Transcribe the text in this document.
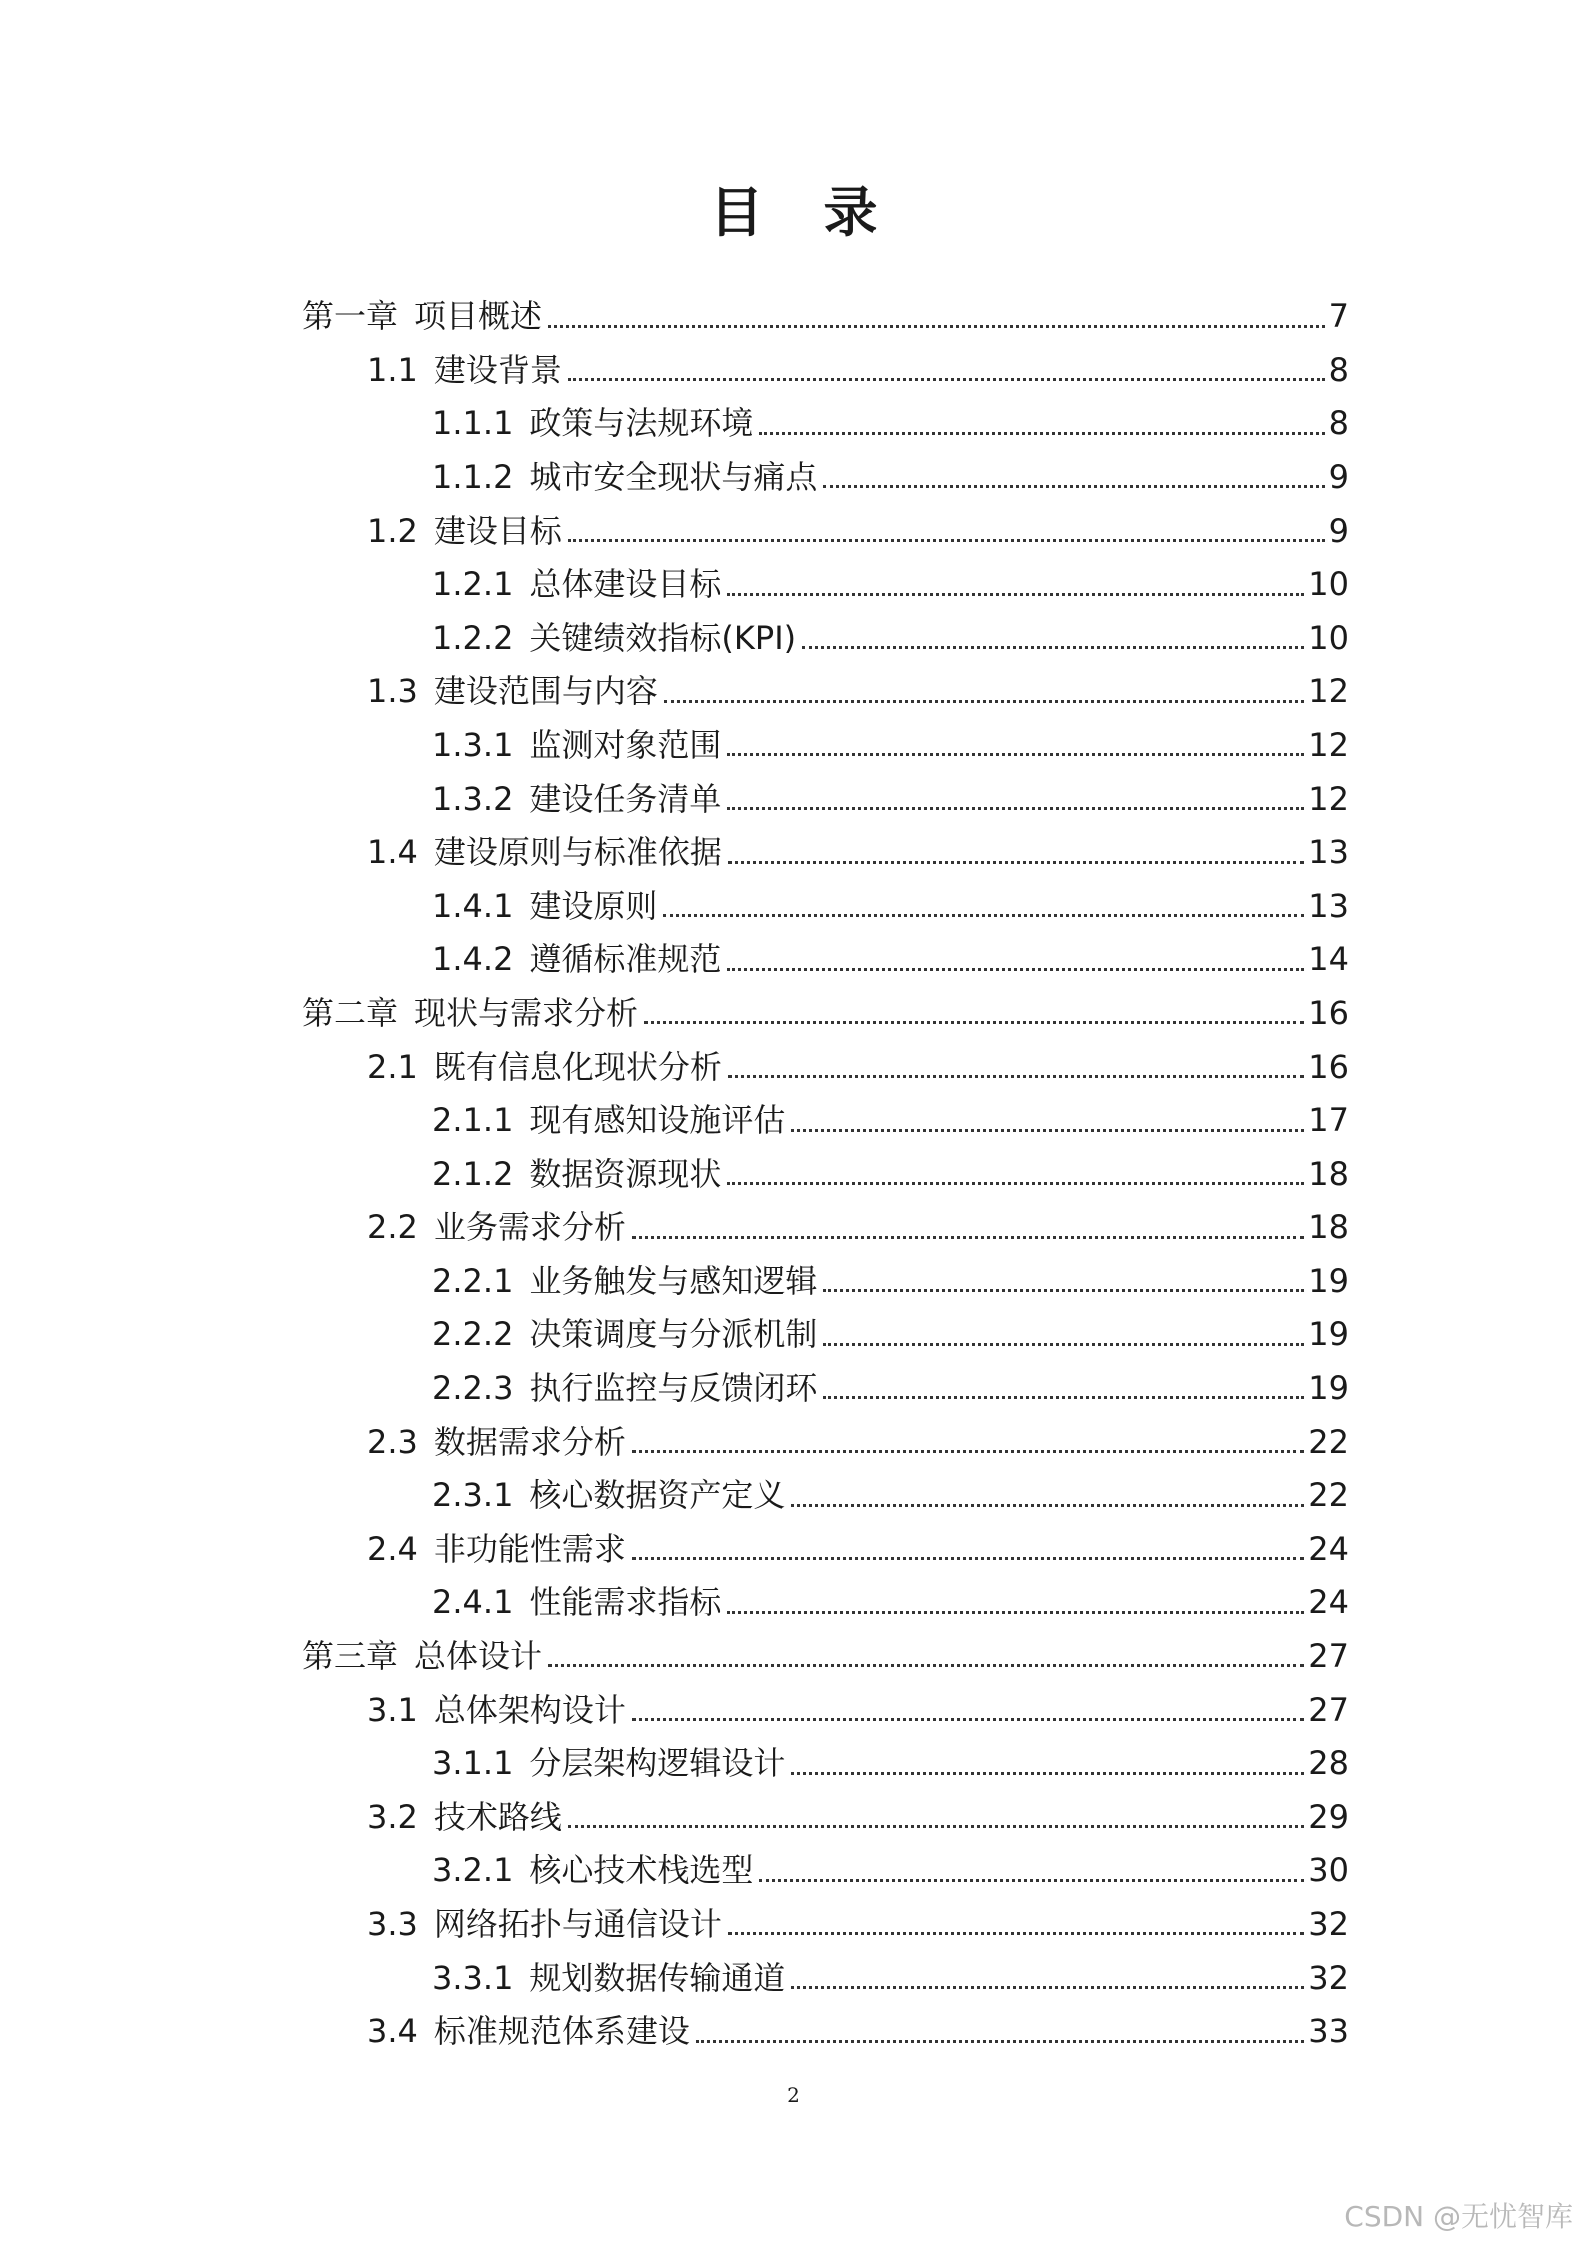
目 录
第一章 项目概述	7
1.1 建设背景	8
1.1.1 政策与法规环境	8
1.1.2 城市安全现状与痛点	9
1.2 建设目标	9
1.2.1 总体建设目标	10
1.2.2 关键绩效指标(KPI)	10
1.3 建设范围与内容	12
1.3.1 监测对象范围	12
1.3.2 建设任务清单	12
1.4 建设原则与标准依据	13
1.4.1 建设原则	13
1.4.2 遵循标准规范	14
第二章 现状与需求分析	16
2.1 既有信息化现状分析	16
2.1.1 现有感知设施评估	17
2.1.2 数据资源现状	18
2.2 业务需求分析	18
2.2.1 业务触发与感知逻辑	19
2.2.2 决策调度与分派机制	19
2.2.3 执行监控与反馈闭环	19
2.3 数据需求分析	22
2.3.1 核心数据资产定义	22
2.4 非功能性需求	24
2.4.1 性能需求指标	24
第三章 总体设计	27
3.1 总体架构设计	27
3.1.1 分层架构逻辑设计	28
3.2 技术路线	29
3.2.1 核心技术栈选型	30
3.3 网络拓扑与通信设计	32
3.3.1 规划数据传输通道	32
3.4 标准规范体系建设	33
2
CSDN @无忧智库
